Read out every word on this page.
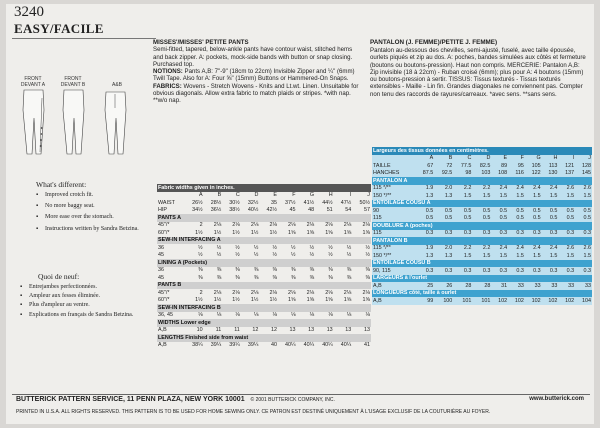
3240
EASY/FACILE
FRONT DEVANT A
FRONT DEVANT B	A&B
MISSES'/MISSES' PETITE PANTS
Semi-fitted, tapered, below-ankle pants have contour waist, stitched hems and back zipper. A: pockets, mock-side bands with button or snap closing. Purchased top.
NOTIONS: Pants A,B: 7"-9" (18cm to 22cm) Invisible Zipper and ¼" (6mm) Twill Tape. Also for A: Four ⅝" (15mm) Buttons or Hammered-On Snaps.
FABRICS: Wovens - Stretch Wovens - Knits and Lt.wt. Linen. Unsuitable for obvious diagonals. Allow extra fabric to match plaids or stripes. *with nap. **w/o nap.
PANTALON (J. FEMME)/PETITE J. FEMME)
Pantalon au-dessous des chevilles, semi-ajusté, fuselé, avec taille épousée, ourlets piqués et zip au dos. A: poches, bandes simulées aux côtés et fermeture (boutons ou boutons-pression). Haut non compris. MERCERIE: Pantalon A,B: Zip invisible (18 à 22cm) - Ruban croisé (6mm); plus pour A: 4 boutons (15mm) ou boutons-pression à sertir. TISSUS: Tissus texturés - Tissus texturés extensibles - Maille - Lin fin. Grandes diagonales ne conviennent pas. Compter non tenu des raccords de rayures/carreaux. *avec sens. **sans sens.
What's different:
▪ Improved crotch fit.
▪ No more baggy seat.
▪ More ease over the stomach.
▪ Instructions written by Sandra Betzina.
Quoi de neuf:
▪ Entrejambes perfectionnées.
▪ Ampleur aux fesses éliminée.
▪ Plus d'ampleur au ventre.
▪ Explications en français de Sandra Betzina.
Fabric widths given in inches.										
	A	B	C	D	E	F	G	H	I	J
WAIST	26½	28½	30½	32½	35	37½	41½	44½	47½	50½
HIP	34½	36½	38½	40½	42½	45	48	51	54	57
PANTS A										
45"/*	2	2⅛	2⅛	2⅛	2⅛	2⅛	2⅛	2⅛	2⅛	2⅛
60"/*	1½	1½	1½	1½	1½	1⅝	1⅝	1⅝	1⅝	1⅝
SEW-IN INTERFACING A										
36	½	½	½	½	½	½	½	½	½	½
45	½	½	½	½	½	½	½	½	½	½
LINING A (Pockets)										
36	⅜	⅜	⅜	⅜	⅜	⅜	⅜	⅜	⅜	⅜
45	⅜	⅜	⅜	⅜	⅜	⅜	⅜	⅜	⅜	⅜
PANTS B										
45"/*	2	2⅛	2⅛	2⅛	2⅛	2⅛	2⅛	2⅛	2⅛	2⅛
60"/*	1½	1½	1½	1½	1½	1⅝	1⅝	1⅝	1⅝	1⅝
SEW-IN INTERFACING B										
36, 45	⅛	⅛	⅛	⅛	⅛	⅛	⅛	⅛	⅛	⅛
WIDTHS Lower edge										
A,B	10	11	11	12	12	13	13	13	13	13
LENGTHS Finished side from waist										
A,B	38¼	39¼	39¼	39¼	40	40¼	40¼	40¼	40¼	41
Largeurs des tissus données en centimètres.										
	A	B	C	D	E	F	G	H	I	J
TAILLE	67	72	77.5	82.5	89	95	105	113	121	128
HANCHES	87.5	92.5	98	103	108	116	122	130	137	145
PANTALON A										
115 */**	1.9	2.0	2.2	2.2	2.4	2.4	2.4	2.4	2.6	2.6
150 */**	1.3	1.3	1.5	1.5	1.5	1.5	1.5	1.5	1.5	1.5
ENTOILAGE COUSU A										
90	0.5	0.5	0.5	0.5	0.5	0.5	0.5	0.5	0.5	0.5
115	0.5	0.5	0.5	0.5	0.5	0.5	0.5	0.5	0.5	0.5
DOUBLURE A (poches)										
115	0.3	0.3	0.3	0.3	0.3	0.3	0.3	0.3	0.3	0.3
PANTALON B										
115 */**	1.9	2.0	2.2	2.2	2.4	2.4	2.4	2.4	2.6	2.6
150 */**	1.3	1.3	1.5	1.5	1.5	1.5	1.5	1.5	1.5	1.5
ENTOILAGE COUSU B										
90, 115	0.3	0.3	0.3	0.3	0.3	0.3	0.3	0.3	0.3	0.3
LARGEURS à l'ourlet										
A,B	25	26	28	28	31	33	33	33	33	33
LONGUEURS côté, taille à ourlet										
A,B	99	100	101	101	102	102	102	102	102	104
BUTTERICK PATTERN SERVICE, 11 PENN PLAZA, NEW YORK 10001 © 2001 BUTTERICK COMPANY, INC.	www.butterick.com
PRINTED IN U.S.A. ALL RIGHTS RESERVED. THIS PATTERN IS TO BE USED FOR HOME SEWING ONLY. CE PATRON EST DESTINÉ UNIQUEMENT À L'USAGE EXCLUSIF DE LA COUTURIÈRE AU FOYER.
